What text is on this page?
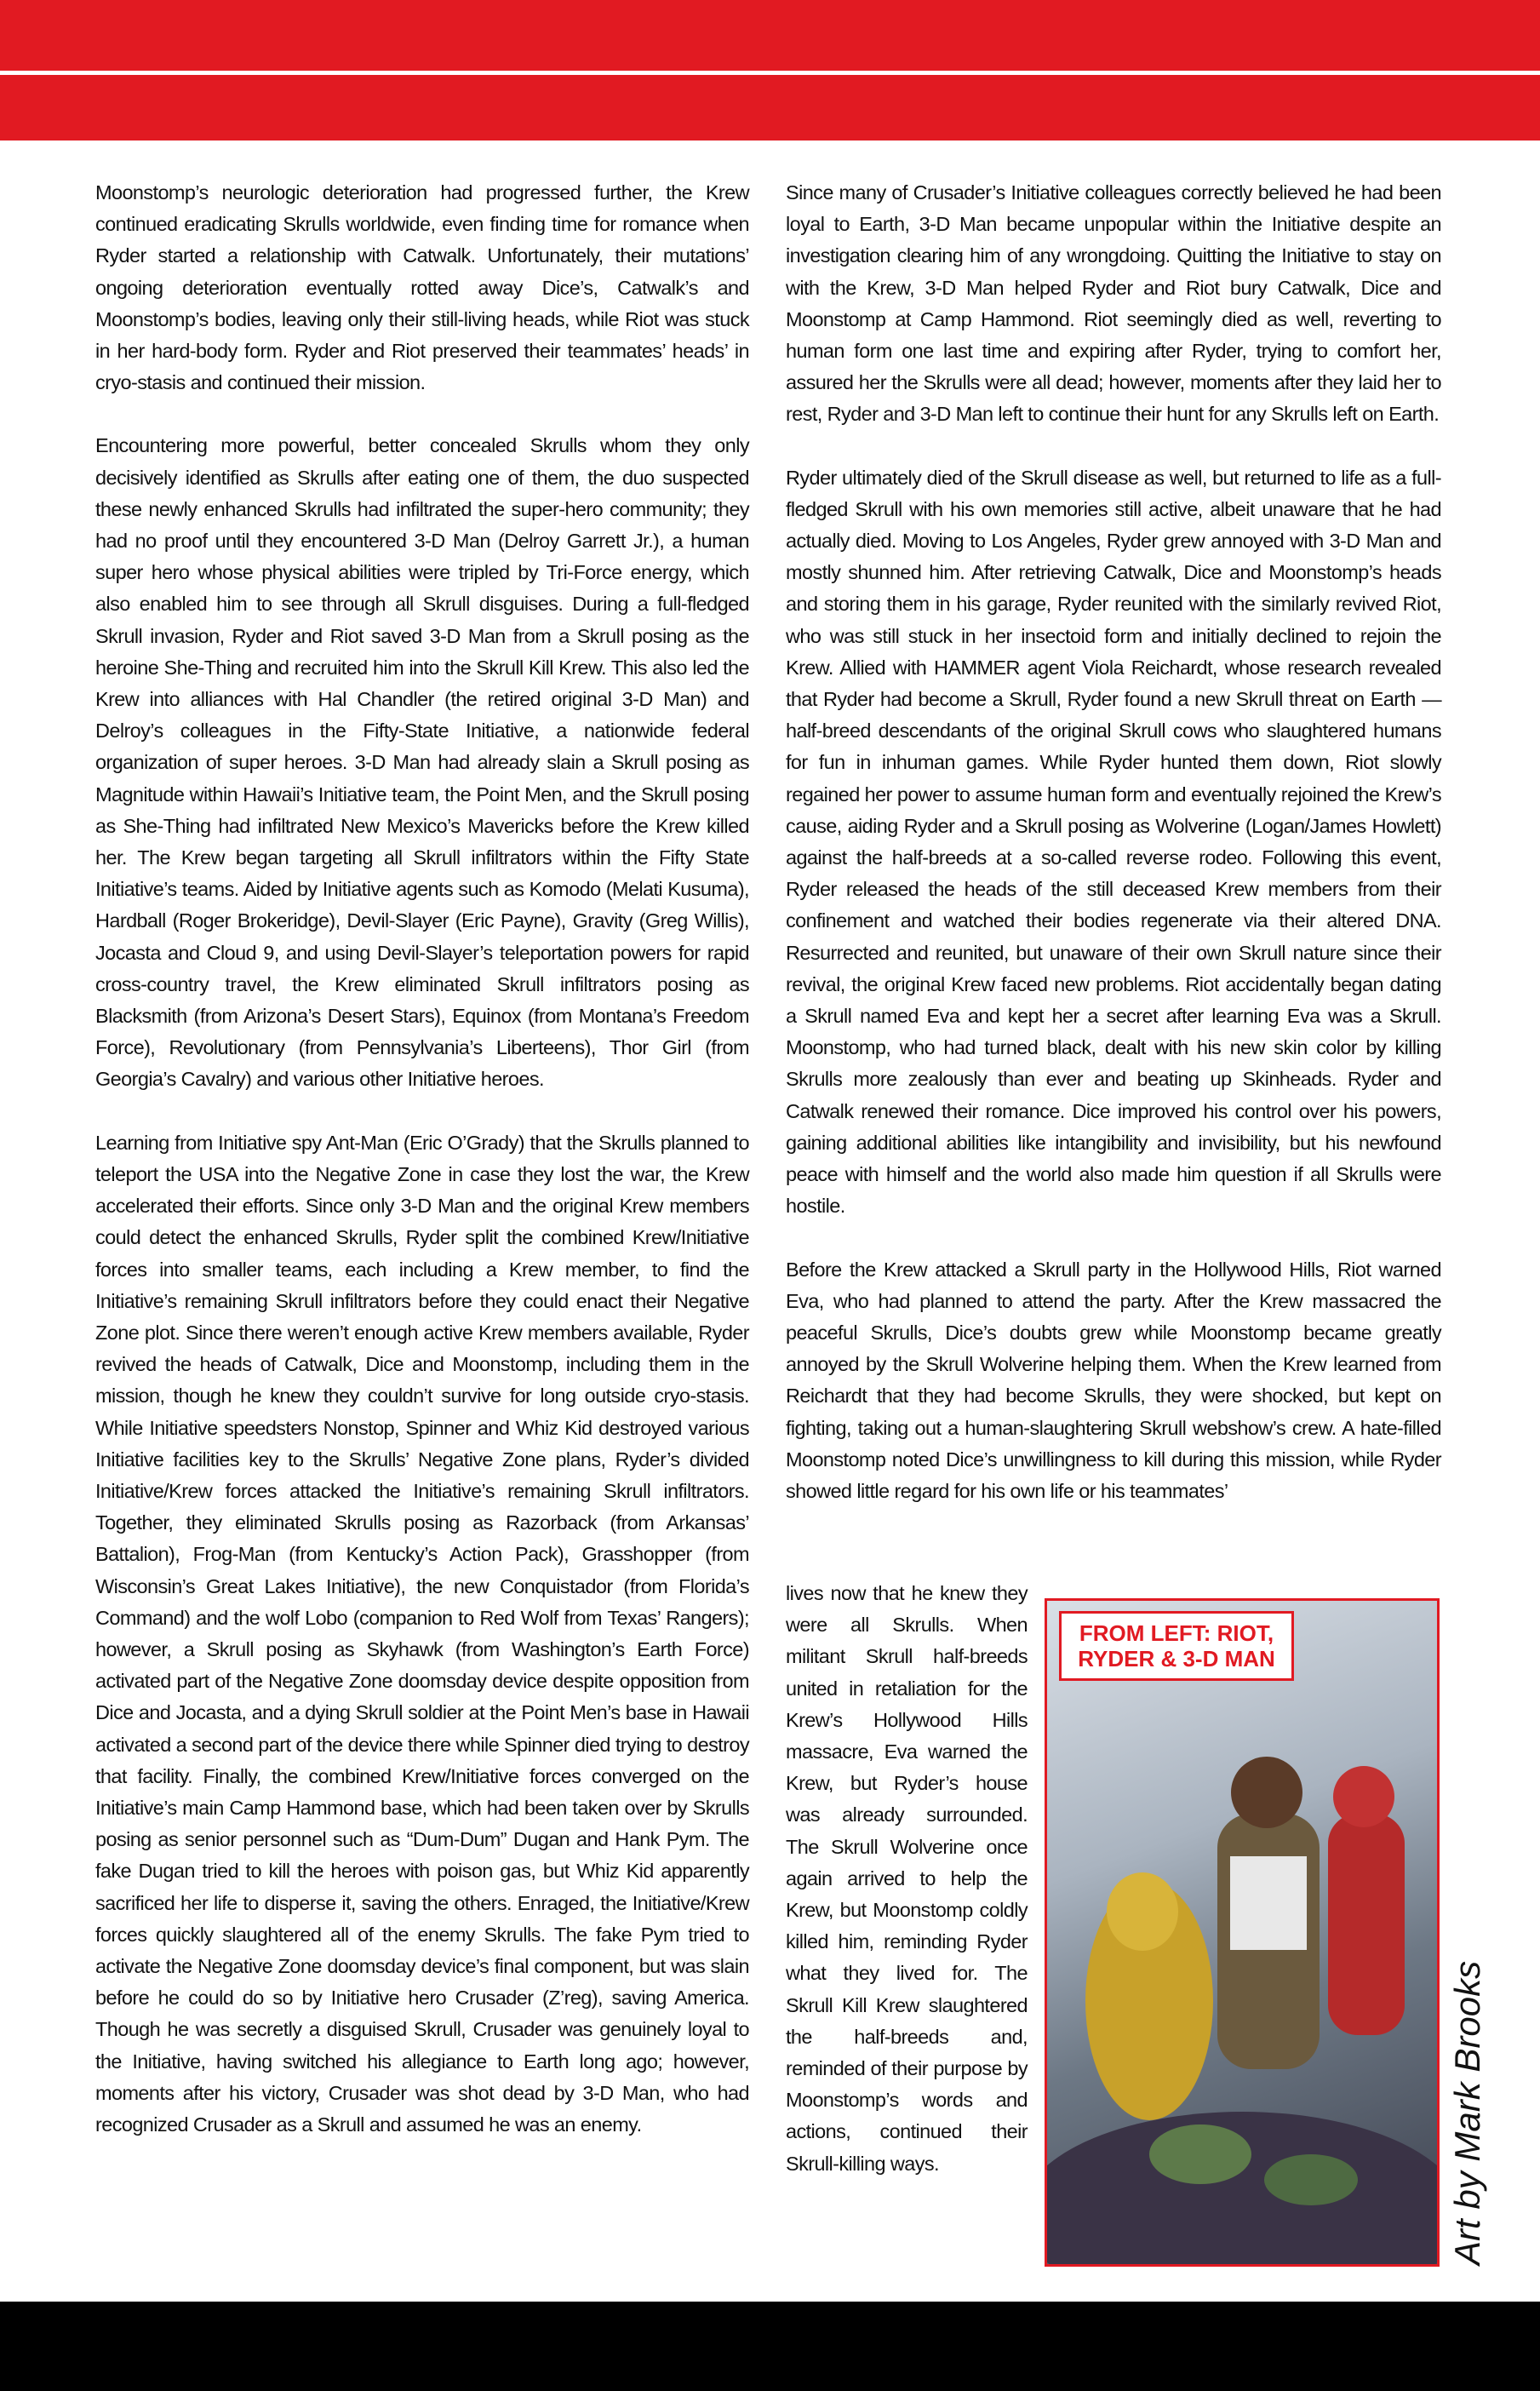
Moonstomp’s neurologic deterioration had progressed further, the Krew continued eradicating Skrulls worldwide, even finding time for romance when Ryder started a relationship with Catwalk. Unfortunately, their mutations’ ongoing deterioration eventually rotted away Dice’s, Catwalk’s and Moonstomp’s bodies, leaving only their still-living heads, while Riot was stuck in her hard-body form. Ryder and Riot preserved their teammates’ heads’ in cryo-stasis and continued their mission.

Encountering more powerful, better concealed Skrulls whom they only decisively identified as Skrulls after eating one of them, the duo suspected these newly enhanced Skrulls had infiltrated the super-hero community; they had no proof until they encountered 3-D Man (Delroy Garrett Jr.), a human super hero whose physical abilities were tripled by Tri-Force energy, which also enabled him to see through all Skrull disguises. During a full-fledged Skrull invasion, Ryder and Riot saved 3-D Man from a Skrull posing as the heroine She-Thing and recruited him into the Skrull Kill Krew. This also led the Krew into alliances with Hal Chandler (the retired original 3-D Man) and Delroy’s colleagues in the Fifty-State Initiative, a nationwide federal organization of super heroes. 3-D Man had already slain a Skrull posing as Magnitude within Hawaii’s Initiative team, the Point Men, and the Skrull posing as She-Thing had infiltrated New Mexico’s Mavericks before the Krew killed her. The Krew began targeting all Skrull infiltrators within the Fifty State Initiative’s teams. Aided by Initiative agents such as Komodo (Melati Kusuma), Hardball (Roger Brokeridge), Devil-Slayer (Eric Payne), Gravity (Greg Willis), Jocasta and Cloud 9, and using Devil-Slayer’s teleportation powers for rapid cross-country travel, the Krew eliminated Skrull infiltrators posing as Blacksmith (from Arizona’s Desert Stars), Equinox (from Montana’s Freedom Force), Revolutionary (from Pennsylvania’s Liberteens), Thor Girl (from Georgia’s Cavalry) and various other Initiative heroes.

Learning from Initiative spy Ant-Man (Eric O’Grady) that the Skrulls planned to teleport the USA into the Negative Zone in case they lost the war, the Krew accelerated their efforts. Since only 3-D Man and the original Krew members could detect the enhanced Skrulls, Ryder split the combined Krew/Initiative forces into smaller teams, each including a Krew member, to find the Initiative’s remaining Skrull infiltrators before they could enact their Negative Zone plot. Since there weren’t enough active Krew members available, Ryder revived the heads of Catwalk, Dice and Moonstomp, including them in the mission, though he knew they couldn’t survive for long outside cryo-stasis. While Initiative speedsters Nonstop, Spinner and Whiz Kid destroyed various Initiative facilities key to the Skrulls’ Negative Zone plans, Ryder’s divided Initiative/Krew forces attacked the Initiative’s remaining Skrull infiltrators. Together, they eliminated Skrulls posing as Razorback (from Arkansas’ Battalion), Frog-Man (from Kentucky’s Action Pack), Grasshopper (from Wisconsin’s Great Lakes Initiative), the new Conquistador (from Florida’s Command) and the wolf Lobo (companion to Red Wolf from Texas’ Rangers); however, a Skrull posing as Skyhawk (from Washington’s Earth Force) activated part of the Negative Zone doomsday device despite opposition from Dice and Jocasta, and a dying Skrull soldier at the Point Men’s base in Hawaii activated a second part of the device there while Spinner died trying to destroy that facility. Finally, the combined Krew/Initiative forces converged on the Initiative’s main Camp Hammond base, which had been taken over by Skrulls posing as senior personnel such as “Dum-Dum” Dugan and Hank Pym. The fake Dugan tried to kill the heroes with poison gas, but Whiz Kid apparently sacrificed her life to disperse it, saving the others. Enraged, the Initiative/Krew forces quickly slaughtered all of the enemy Skrulls. The fake Pym tried to activate the Negative Zone doomsday device’s final component, but was slain before he could do so by Initiative hero Crusader (Z’reg), saving America. Though he was secretly a disguised Skrull, Crusader was genuinely loyal to the Initiative, having switched his allegiance to Earth long ago; however, moments after his victory, Crusader was shot dead by 3-D Man, who had recognized Crusader as a Skrull and assumed he was an enemy.

Since many of Crusader’s Initiative colleagues correctly believed he had been loyal to Earth, 3-D Man became unpopular within the Initiative despite an investigation clearing him of any wrongdoing. Quitting the Initiative to stay on with the Krew, 3-D Man helped Ryder and Riot bury Catwalk, Dice and Moonstomp at Camp Hammond. Riot seemingly died as well, reverting to human form one last time and expiring after Ryder, trying to comfort her, assured her the Skrulls were all dead; however, moments after they laid her to rest, Ryder and 3-D Man left to continue their hunt for any Skrulls left on Earth.

Ryder ultimately died of the Skrull disease as well, but returned to life as a full-fledged Skrull with his own memories still active, albeit unaware that he had actually died. Moving to Los Angeles, Ryder grew annoyed with 3-D Man and mostly shunned him. After retrieving Catwalk, Dice and Moonstomp’s heads and storing them in his garage, Ryder reunited with the similarly revived Riot, who was still stuck in her insectoid form and initially declined to rejoin the Krew. Allied with HAMMER agent Viola Reichardt, whose research revealed that Ryder had become a Skrull, Ryder found a new Skrull threat on Earth — half-breed descendants of the original Skrull cows who slaughtered humans for fun in inhuman games. While Ryder hunted them down, Riot slowly regained her power to assume human form and eventually rejoined the Krew’s cause, aiding Ryder and a Skrull posing as Wolverine (Logan/James Howlett) against the half-breeds at a so-called reverse rodeo. Following this event, Ryder released the heads of the still deceased Krew members from their confinement and watched their bodies regenerate via their altered DNA. Resurrected and reunited, but unaware of their own Skrull nature since their revival, the original Krew faced new problems. Riot accidentally began dating a Skrull named Eva and kept her a secret after learning Eva was a Skrull. Moonstomp, who had turned black, dealt with his new skin color by killing Skrulls more zealously than ever and beating up Skinheads. Ryder and Catwalk renewed their romance. Dice improved his control over his powers, gaining additional abilities like intangibility and invisibility, but his newfound peace with himself and the world also made him question if all Skrulls were hostile.

Before the Krew attacked a Skrull party in the Hollywood Hills, Riot warned Eva, who had planned to attend the party. After the Krew massacred the peaceful Skrulls, Dice’s doubts grew while Moonstomp became greatly annoyed by the Skrull Wolverine helping them. When the Krew learned from Reichardt that they had become Skrulls, they were shocked, but kept on fighting, taking out a human-slaughtering Skrull webshow’s crew. A hate-filled Moonstomp noted Dice’s unwillingness to kill during this mission, while Ryder showed little regard for his own life or his teammates’

lives now that he knew they were all Skrulls. When militant Skrull half-breeds united in retaliation for the Krew’s Hollywood Hills massacre, Eva warned the Krew, but Ryder’s house was already surrounded. The Skrull Wolverine once again arrived to help the Krew, but Moonstomp coldly killed him, reminding Ryder what they lived for. The Skrull Kill Krew slaughtered the half-breeds and, reminded of their purpose by Moonstomp’s words and actions, continued their Skrull-killing ways.
FROM LEFT: RIOT, RYDER & 3-D MAN
Art by Mark Brooks
